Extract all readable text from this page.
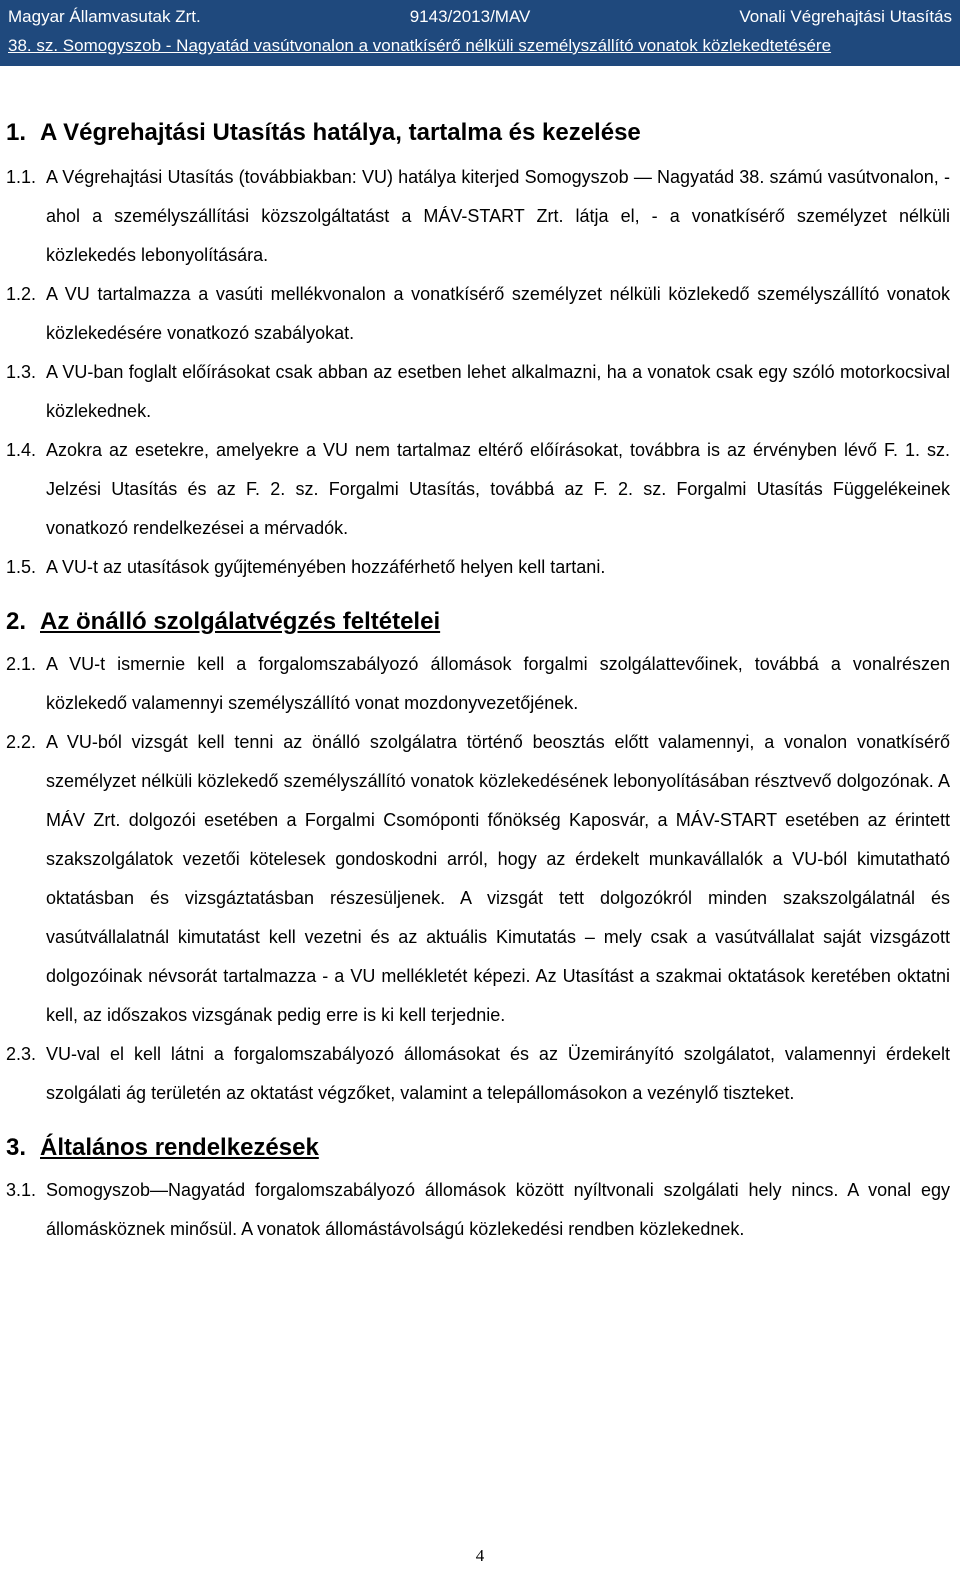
Magyar Államvasutak Zrt.	9143/2013/MAV	Vonali Végrehajtási Utasítás
38. sz. Somogyszob - Nagyatád vasútvonalon a vonatkísérő nélküli személyszállító vonatok közlekedtetésére
1. A Végrehajtási Utasítás hatálya, tartalma és kezelése
1.1. A Végrehajtási Utasítás (továbbiakban: VU) hatálya kiterjed Somogyszob — Nagyatád 38. számú vasútvonalon, - ahol a személyszállítási közszolgáltatást a MÁV-START Zrt. látja el, - a vonatkísérő személyzet nélküli közlekedés lebonyolítására.
1.2. A VU tartalmazza a vasúti mellékvonalon a vonatkísérő személyzet nélküli közlekedő személyszállító vonatok közlekedésére vonatkozó szabályokat.
1.3. A VU-ban foglalt előírásokat csak abban az esetben lehet alkalmazni, ha a vonatok csak egy szóló motorkocsival közlekednek.
1.4. Azokra az esetekre, amelyekre a VU nem tartalmaz eltérő előírásokat, továbbra is az érvényben lévő F. 1. sz. Jelzési Utasítás és az F. 2. sz. Forgalmi Utasítás, továbbá az F. 2. sz. Forgalmi Utasítás Függelékeinek vonatkozó rendelkezései a mérvadók.
1.5. A VU-t az utasítások gyűjteményében hozzáférhető helyen kell tartani.
2. Az önálló szolgálatvégzés feltételei
2.1. A VU-t ismernie kell a forgalomszabályozó állomások forgalmi szolgálattevőinek, továbbá a vonalrészen közlekedő valamennyi személyszállító vonat mozdonyvezetőjének.
2.2. A VU-ból vizsgát kell tenni az önálló szolgálatra történő beosztás előtt valamennyi, a vonalon vonatkísérő személyzet nélküli közlekedő személyszállító vonatok közlekedésének lebonyolításában résztvevő dolgozónak. A MÁV Zrt. dolgozói esetében a Forgalmi Csomóponti főnökség Kaposvár, a MÁV-START esetében az érintett szakszolgálatok vezetői kötelesek gondoskodni arról, hogy az érdekelt munkavállalók a VU-ból kimutatható oktatásban és vizsgáztatásban részesüljenek. A vizsgát tett dolgozókról minden szakszolgálatnál és vasútvállalatnál kimutatást kell vezetni és az aktuális Kimutatás – mely csak a vasútvállalat saját vizsgázott dolgozóinak névsorát tartalmazza - a VU mellékletét képezi. Az Utasítást a szakmai oktatások keretében oktatni kell, az időszakos vizsgának pedig erre is ki kell terjednie.
2.3. VU-val el kell látni a forgalomszabályozó állomásokat és az Üzemirányító szolgálatot, valamennyi érdekelt szolgálati ág területén az oktatást végzőket, valamint a telepállomásokon a vezénylő tiszteket.
3. Általános rendelkezések
3.1. Somogyszob—Nagyatád forgalomszabályozó állomások között nyíltvonali szolgálati hely nincs. A vonal egy állomásköznek minősül. A vonatok állomástávolságú közlekedési rendben közlekednek.
4
